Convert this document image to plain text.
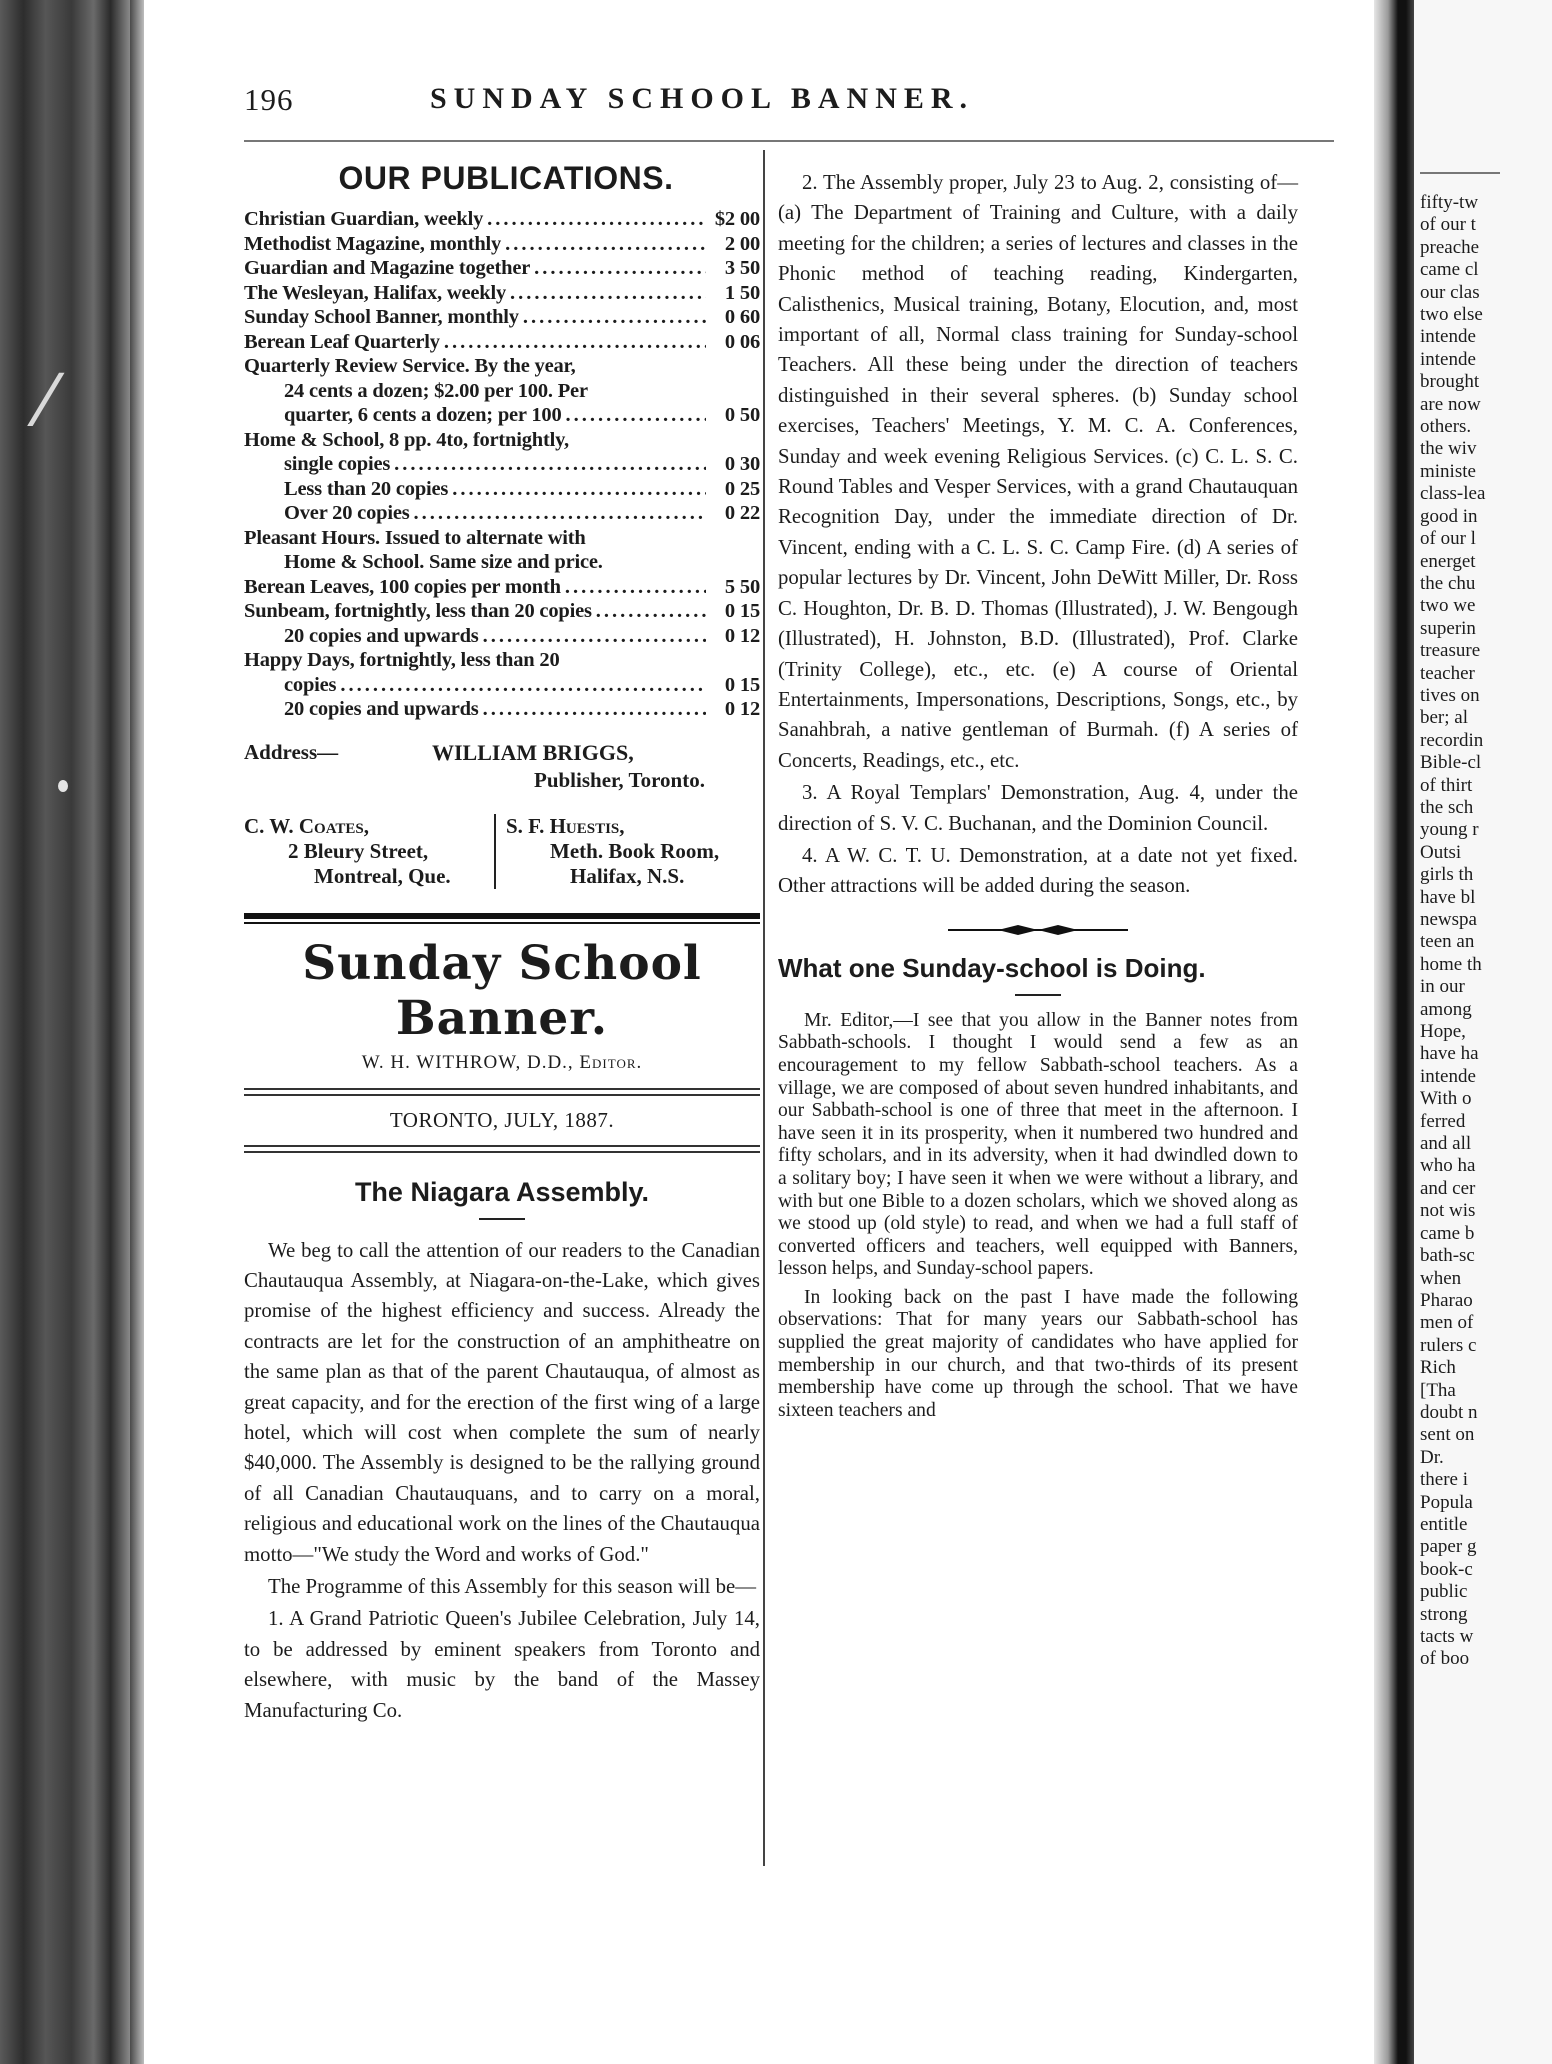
⁄
196	SUNDAY SCHOOL BANNER.
OUR PUBLICATIONS.
Christian Guardian, weekly .....	$2 00
Methodist Magazine, monthly .....	2 00
Guardian and Magazine together .....	3 50
The Wesleyan, Halifax, weekly .....	1 50
Sunday School Banner, monthly .....	0 60
Berean Leaf Quarterly .....	0 06
Quarterly Review Service. By the year,
24 cents a dozen; $2.00 per 100. Per
quarter, 6 cents a dozen; per 100 .....	0 50
Home & School, 8 pp. 4to, fortnightly,
single copies .....	0 30
Less than 20 copies .....	0 25
Over 20 copies .....	0 22
Pleasant Hours. Issued to alternate with
Home & School. Same size and price.
Berean Leaves, 100 copies per month .....	5 50
Sunbeam, fortnightly, less than 20 copies .....	0 15
20 copies and upwards .....	0 12
Happy Days, fortnightly, less than 20
copies .....	0 15
20 copies and upwards .....	0 12
Address—	WILLIAM BRIGGS,
Publisher, Toronto.
C. W. Coates,
2 Bleury Street,
Montreal, Que.
S. F. Huestis,
Meth. Book Room,
Halifax, N.S.
Sunday School Banner.
W. H. WITHROW, D.D., Editor.
TORONTO, JULY, 1887.
The Niagara Assembly.

We beg to call the attention of our readers to the Canadian Chautauqua Assembly, at Niagara-on-the-Lake, which gives promise of the highest efficiency and success. Already the contracts are let for the construction of an amphitheatre on the same plan as that of the parent Chautauqua, of almost as great capacity, and for the erection of the first wing of a large hotel, which will cost when complete the sum of nearly $40,000. The Assembly is designed to be the rallying ground of all Canadian Chautauquans, and to carry on a moral, religious and educational work on the lines of the Chautauqua motto—"We study the Word and works of God."

The Programme of this Assembly for this season will be—

1. A Grand Patriotic Queen's Jubilee Celebration, July 14, to be addressed by eminent speakers from Toronto and elsewhere, with music by the band of the Massey Manufacturing Co.

2. The Assembly proper, July 23 to Aug. 2, consisting of—(a) The Department of Training and Culture, with a daily meeting for the children; a series of lectures and classes in the Phonic method of teaching reading, Kindergarten, Calisthenics, Musical training, Botany, Elocution, and, most important of all, Normal class training for Sunday-school Teachers. All these being under the direction of teachers distinguished in their several spheres. (b) Sunday school exercises, Teachers' Meetings, Y. M. C. A. Conferences, Sunday and week evening Religious Services. (c) C. L. S. C. Round Tables and Vesper Services, with a grand Chautauquan Recognition Day, under the immediate direction of Dr. Vincent, ending with a C. L. S. C. Camp Fire. (d) A series of popular lectures by Dr. Vincent, John DeWitt Miller, Dr. Ross C. Houghton, Dr. B. D. Thomas (Illustrated), J. W. Bengough (Illustrated), H. Johnston, B.D. (Illustrated), Prof. Clarke (Trinity College), etc., etc. (e) A course of Oriental Entertainments, Impersonations, Descriptions, Songs, etc., by Sanahbrah, a native gentleman of Burmah. (f) A series of Concerts, Readings, etc., etc.

3. A Royal Templars' Demonstration, Aug. 4, under the direction of S. V. C. Buchanan, and the Dominion Council.

4. A W. C. T. U. Demonstration, at a date not yet fixed. Other attractions will be added during the season.

What one Sunday-school is Doing.

Mr. Editor,—I see that you allow in the Banner notes from Sabbath-schools. I thought I would send a few as an encouragement to my fellow Sabbath-school teachers. As a village, we are composed of about seven hundred inhabitants, and our Sabbath-school is one of three that meet in the afternoon. I have seen it in its prosperity, when it numbered two hundred and fifty scholars, and in its adversity, when it had dwindled down to a solitary boy; I have seen it when we were without a library, and with but one Bible to a dozen scholars, which we shoved along as we stood up (old style) to read, and when we had a full staff of converted officers and teachers, well equipped with Banners, lesson helps, and Sunday-school papers.

In looking back on the past I have made the following observations: That for many years our Sabbath-school has supplied the great majority of candidates who have applied for membership in our church, and that two-thirds of its present membership have come up through the school. That we have sixteen teachers and

fifty-tw
of our t
preache
came cl
our clas
two else
intende
intende
brought
are now
others.
the wiv
ministe
class-lea
good in
of our l
energet
the chu
two we
superin
treasure
teacher
tives on
ber; al
recordin
Bible-cl
of thirt
the sch
young r
Outsi
girls th
have bl
newspa
teen an
home th
in our
among
Hope,
have ha
intende
With o
ferred
and all
who ha
and cer
not wis
came b
bath-sc
when
Pharao
men of
rulers c
Rich
[Tha
doubt n
sent on
Dr.
there i
Popula
entitle
paper g
book-c
public
strong
tacts w
of boo
